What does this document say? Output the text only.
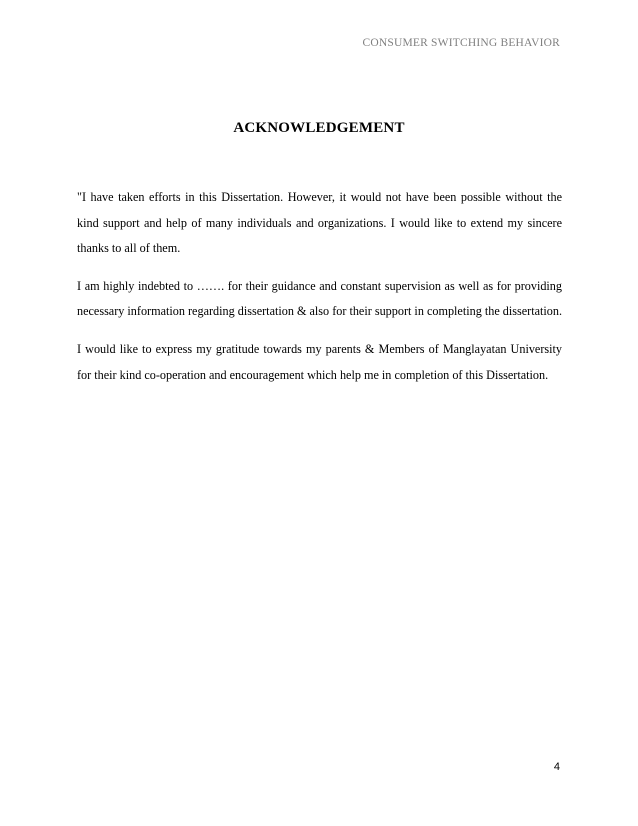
CONSUMER SWITCHING BEHAVIOR
ACKNOWLEDGEMENT

"I have taken efforts in this Dissertation. However, it would not have been possible without the kind support and help of many individuals and organizations. I would like to extend my sincere thanks to all of them.

I am highly indebted to ……. for their guidance and constant supervision as well as for providing necessary information regarding dissertation & also for their support in completing the dissertation.

I would like to express my gratitude towards my parents & Members of Manglayatan University for their kind co-operation and encouragement which help me in completion of this Dissertation.

4
